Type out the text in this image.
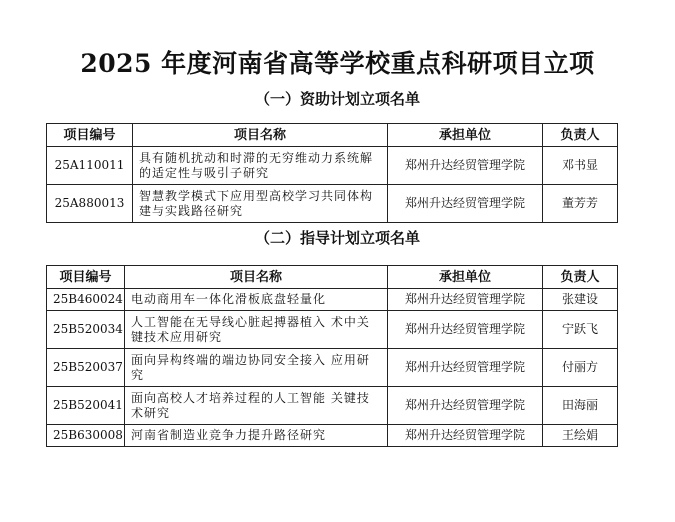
2025 年度河南省高等学校重点科研项目立项
（一）资助计划立项名单
项目编号	项目名称	承担单位	负责人
25A110011	具有随机扰动和时滞的无穷维动力系统解的适定性与吸引子研究	郑州升达经贸管理学院	邓书显
25A880013	智慧教学模式下应用型高校学习共同体构建与实践路径研究	郑州升达经贸管理学院	董芳芳
（二）指导计划立项名单
项目编号	项目名称	承担单位	负责人
25B460024	电动商用车一体化滑板底盘轻量化	郑州升达经贸管理学院	张建设
25B520034	人工智能在无导线心脏起搏器植入 术中关键技术应用研究	郑州升达经贸管理学院	宁跃飞
25B520037	面向异构终端的端边协同安全接入 应用研究	郑州升达经贸管理学院	付丽方
25B520041	面向高校人才培养过程的人工智能 关键技术研究	郑州升达经贸管理学院	田海丽
25B630008	河南省制造业竞争力提升路径研究	郑州升达经贸管理学院	王绘娟
